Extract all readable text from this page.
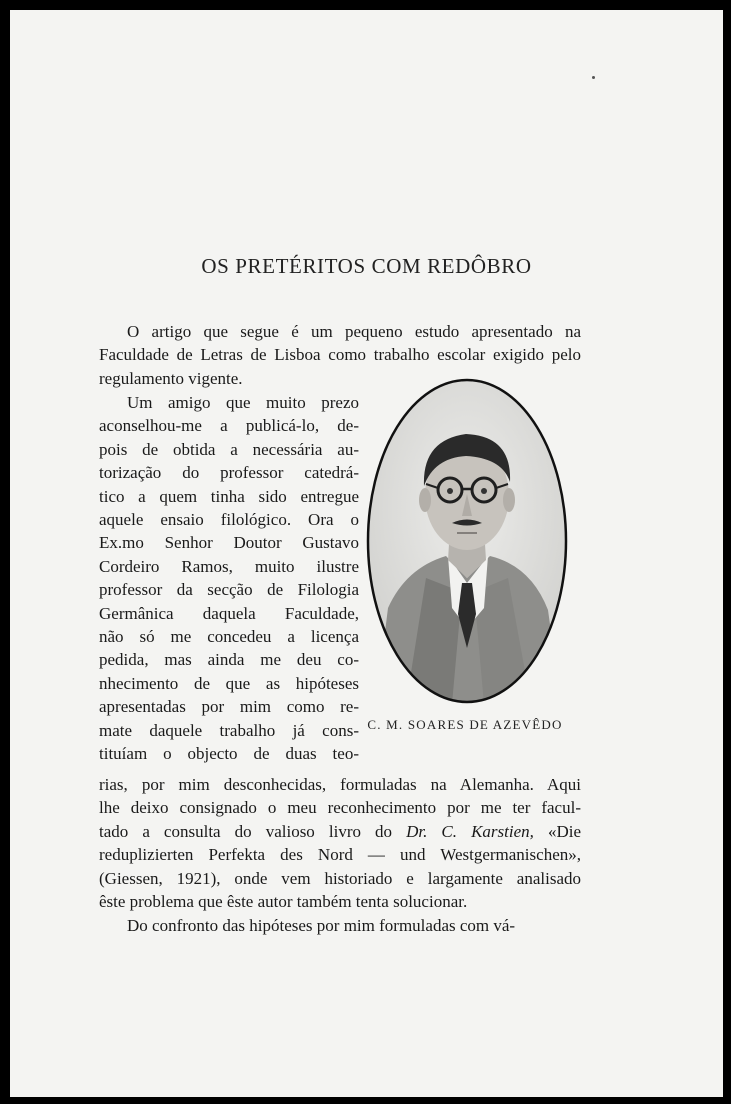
OS PRETÉRITOS COM REDÔBRO

O artigo que segue é um pequeno estudo apresentado na Faculdade de Letras de Lisboa como trabalho escolar exigido pelo regulamento vigente.

Um amigo que muito prezo
aconselhou-me a publicá-lo, de-
pois de obtida a necessária au-
torização do professor catedrá-
tico a quem tinha sido entregue
aquele ensaio filológico. Ora o
Ex.mo Senhor Doutor Gustavo
Cordeiro Ramos, muito ilustre
professor da secção de Filologia
Germânica daquela Faculdade,
não só me concedeu a licença
pedida, mas ainda me deu co-
nhecimento de que as hipóteses
apresentadas por mim como re-
mate daquele trabalho já cons-
tituíam o objecto de duas teo-
C. M. SOARES DE AZEVÊDO
rias, por mim desconhecidas, formuladas na Alemanha. Aqui
lhe deixo consignado o meu reconhecimento por me ter facul-
tado a consulta do valioso livro do Dr. C. Karstien, «Die
reduplizierten Perfekta des Nord — und Westgermanischen»,
(Giessen, 1921), onde vem historiado e largamente analisado
êste problema que êste autor também tenta solucionar.

Do confronto das hipóteses por mim formuladas com vá-
